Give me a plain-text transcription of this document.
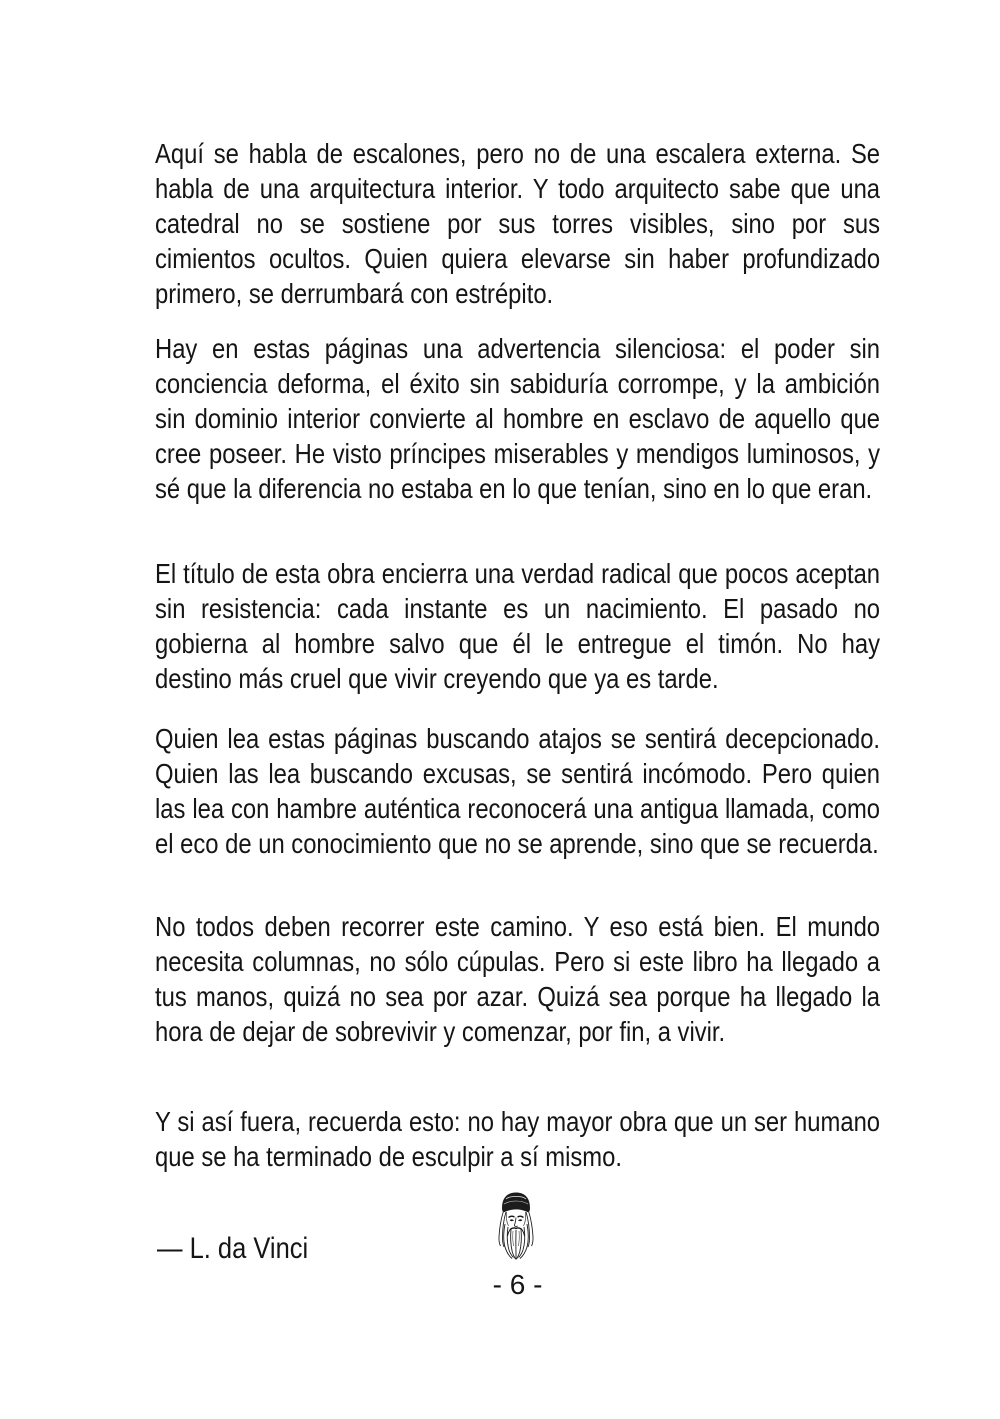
Aquí se habla de escalones, pero no de una escalera externa. Se habla de una arquitectura interior. Y todo arquitecto sabe que una catedral no se sostiene por sus torres visibles, sino por sus cimientos ocultos. Quien quiera elevarse sin haber profundizado primero, se derrumbará con estrépito.

Hay en estas páginas una advertencia silenciosa: el poder sin conciencia deforma, el éxito sin sabiduría corrompe, y la ambición sin dominio interior convierte al hombre en esclavo de aquello que cree poseer. He visto príncipes miserables y mendigos luminosos, y sé que la diferencia no estaba en lo que tenían, sino en lo que eran.

El título de esta obra encierra una verdad radical que pocos aceptan sin resistencia: cada instante es un nacimiento. El pasado no gobierna al hombre salvo que él le entregue el timón. No hay destino más cruel que vivir creyendo que ya es tarde.

Quien lea estas páginas buscando atajos se sentirá decepcionado. Quien las lea buscando excusas, se sentirá incómodo. Pero quien las lea con hambre auténtica reconocerá una antigua llamada, como el eco de un conocimiento que no se aprende, sino que se recuerda.

No todos deben recorrer este camino. Y eso está bien. El mundo necesita columnas, no sólo cúpulas. Pero si este libro ha llegado a tus manos, quizá no sea por azar. Quizá sea porque ha llegado la hora de dejar de sobrevivir y comenzar, por fin, a vivir.

Y si así fuera, recuerda esto: no hay mayor obra que un ser humano que se ha terminado de esculpir a sí mismo.

— L. da Vinci
- 6 -
